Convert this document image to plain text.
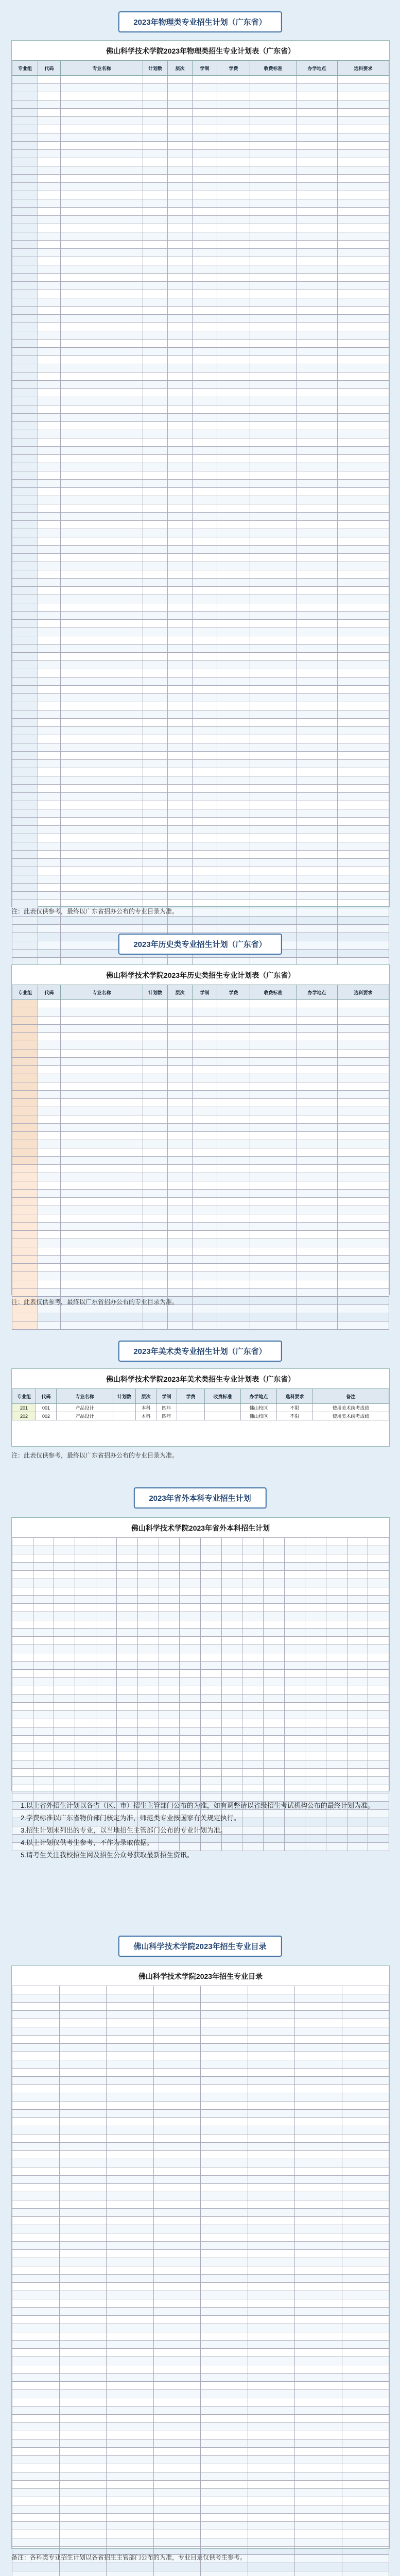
2023年物理类专业招生计划（广东省）
佛山科学技术学院2023年物理类招生专业计划表（广东省）
专业组	代码	专业名称	计划数	层次	学制	学费	收费标准	办学地点	选科要求

注：此表仅供参考，最终以广东省招办公布的专业目录为准。
2023年历史类专业招生计划（广东省）
佛山科学技术学院2023年历史类招生专业计划表（广东省）
专业组	代码	专业名称	计划数	层次	学制	学费	收费标准	办学地点	选科要求

注：此表仅供参考，最终以广东省招办公布的专业目录为准。
2023年美术类专业招生计划（广东省）
佛山科学技术学院2023年美术类招生专业计划表（广东省）
专业组	代码	专业名称	计划数	层次	学制	学费	收费标准	办学地点	选科要求	备注
201	001	产品设计		本科	四年			佛山校区	不限	使用美术统考成绩
202	002	产品设计		本科	四年			佛山校区	不限	使用美术统考成绩
注：此表仅供参考，最终以广东省招办公布的专业目录为准。
2023年省外本科专业招生计划
佛山科学技术学院2023年省外本科招生计划

1.以上省外招生计划以各省（区、市）招生主管部门公布的为准，如有调整请以省级招生考试机构公布的最终计划为准。

2.学费标准以广东省物价部门核定为准，师范类专业按国家有关规定执行。

3.招生计划未列出的专业，以当地招生主管部门公布的专业计划为准。

4.以上计划仅供考生参考，不作为录取依据。

5.请考生关注我校招生网及招生公众号获取最新招生资讯。

佛山科学技术学院2023年招生专业目录
佛山科学技术学院2023年招生专业目录

备注：各科类专业招生计划以各省招生主管部门公布的为准，专业目录仅供考生参考。
